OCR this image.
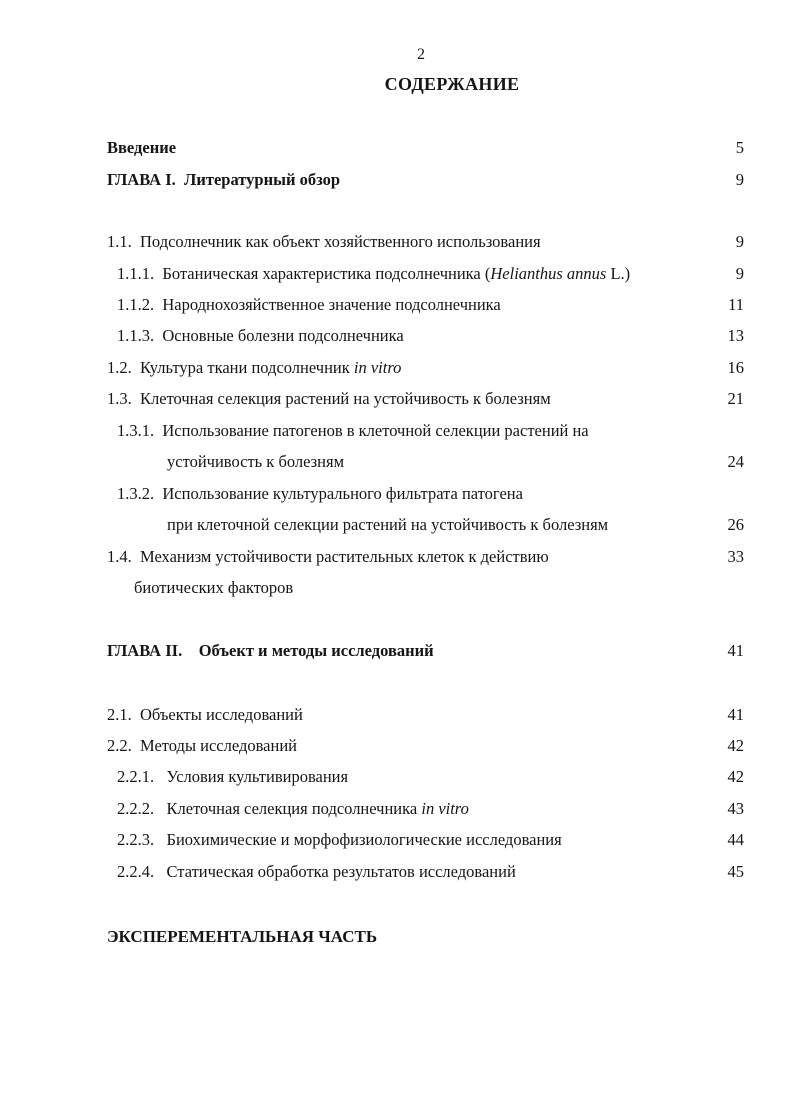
2
СОДЕРЖАНИЕ
Введение	5
ГЛАВА I. Литературный обзор	9
1.1. Подсолнечник как объект хозяйственного использования	9
1.1.1. Ботаническая характеристика подсолнечника (Helianthus annus L.)	9
1.1.2. Народнохозяйственное значение подсолнечника	11
1.1.3. Основные болезни подсолнечника	13
1.2. Культура ткани подсолнечник in vitro	16
1.3. Клеточная селекция растений на устойчивость к болезням	21
1.3.1. Использование патогенов в клеточной селекции растений на
устойчивость к болезням	24
1.3.2. Использование культурального фильтрата патогена
при клеточной селекции растений на устойчивость к болезням	26
1.4. Механизм устойчивости растительных клеток к действию	33
биотических факторов
ГЛАВА II. Объект и методы исследований	41
2.1. Объекты исследований	41
2.2. Методы исследований	42
2.2.1. Условия культивирования	42
2.2.2. Клеточная селекция подсолнечника in vitro	43
2.2.3. Биохимические и морфофизиологические исследования	44
2.2.4. Статическая обработка результатов исследований	45
ЭКСПЕРЕМЕНТАЛЬНАЯ ЧАСТЬ
